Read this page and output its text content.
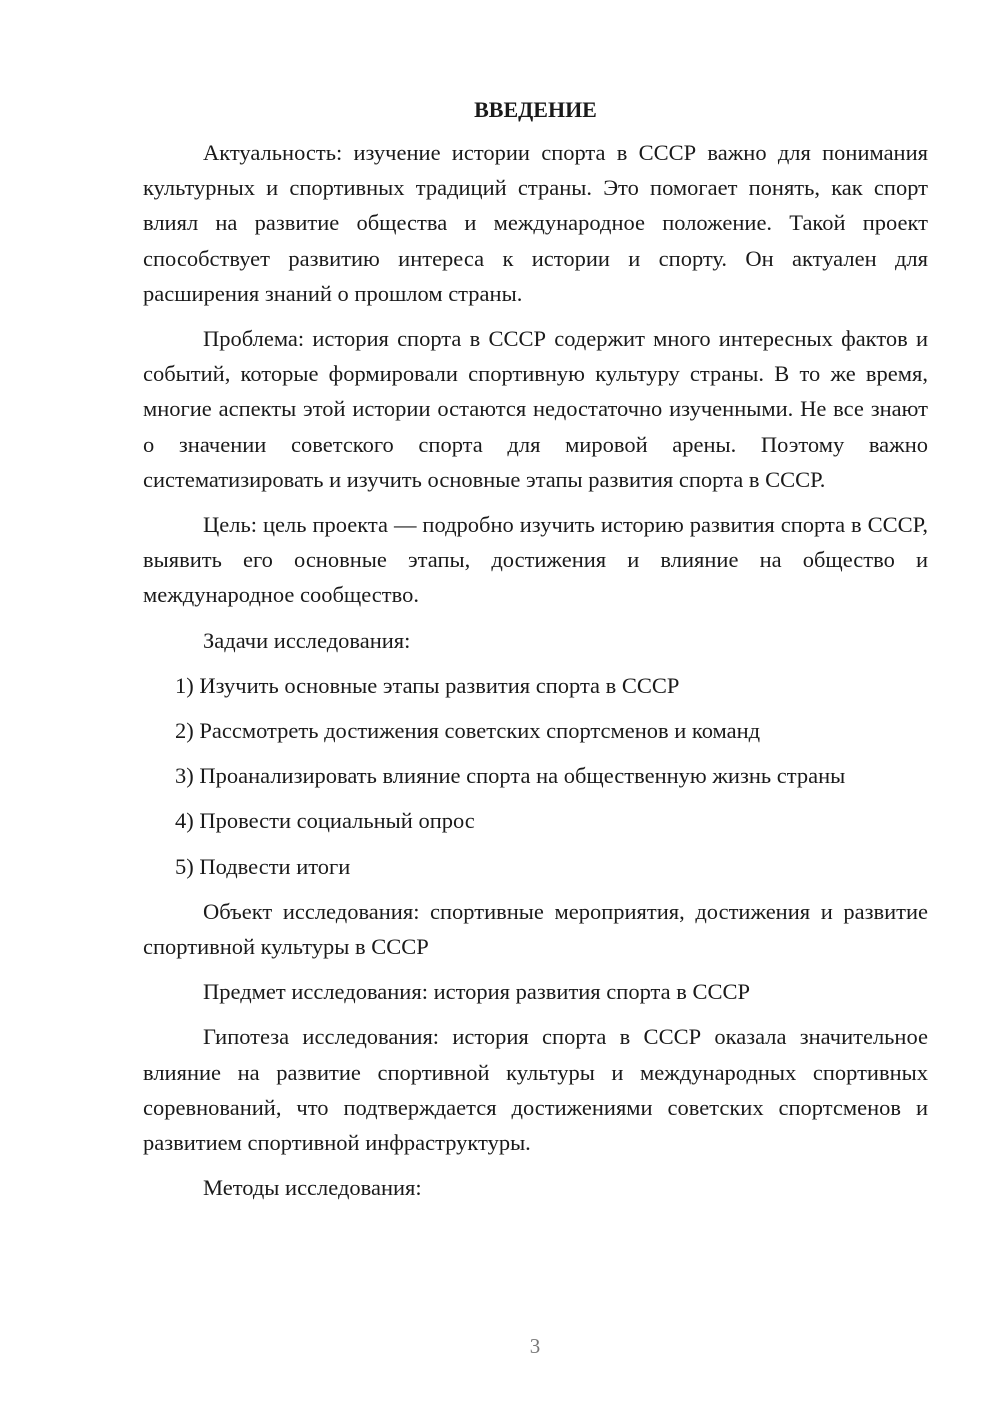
ВВЕДЕНИЕ

Актуальность: изучение истории спорта в СССР важно для понимания культурных и спортивных традиций страны. Это помогает понять, как спорт влиял на развитие общества и международное положение. Такой проект способствует развитию интереса к истории и спорту. Он актуален для расширения знаний о прошлом страны.

Проблема: история спорта в СССР содержит много интересных фактов и событий, которые формировали спортивную культуру страны. В то же время, многие аспекты этой истории остаются недостаточно изученными. Не все знают о значении советского спорта для мировой арены. Поэтому важно систематизировать и изучить основные этапы развития спорта в СССР.

Цель: цель проекта — подробно изучить историю развития спорта в СССР, выявить его основные этапы, достижения и влияние на общество и международное сообщество.

Задачи исследования:

1) Изучить основные этапы развития спорта в СССР

2) Рассмотреть достижения советских спортсменов и команд

3) Проанализировать влияние спорта на общественную жизнь страны

4) Провести социальный опрос

5) Подвести итоги

Объект исследования: спортивные мероприятия, достижения и развитие спортивной культуры в СССР

Предмет исследования: история развития спорта в СССР

Гипотеза исследования: история спорта в СССР оказала значительное влияние на развитие спортивной культуры и международных спортивных соревнований, что подтверждается достижениями советских спортсменов и развитием спортивной инфраструктуры.

Методы исследования:

3
